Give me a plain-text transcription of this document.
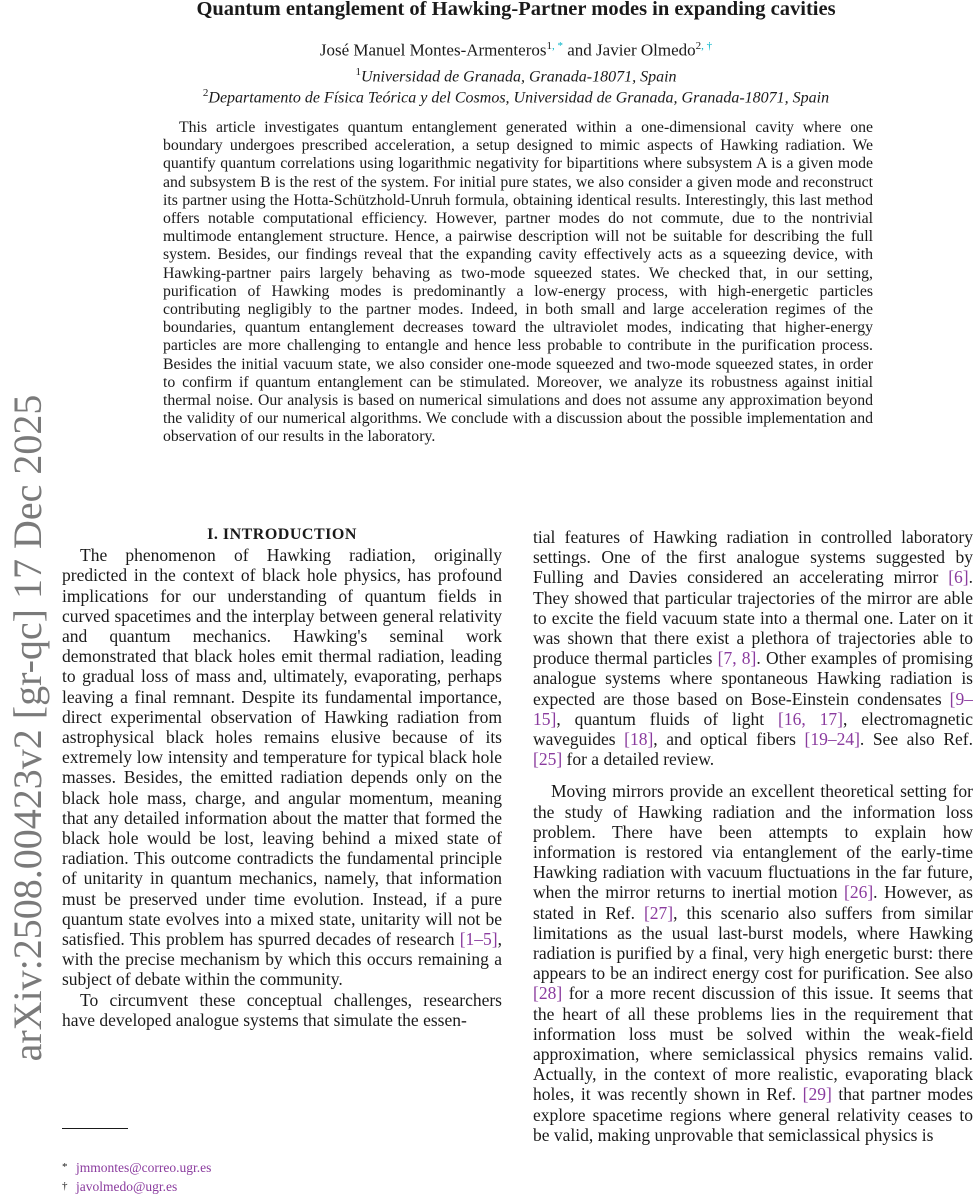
arXiv:2508.00423v2 [gr-qc] 17 Dec 2025
Quantum entanglement of Hawking-Partner modes in expanding cavities
José Manuel Montes-Armenteros$^{1, *}$ and Javier Olmedo$^{2, \dagger}$
$^1$Universidad de Granada, Granada-18071, Spain
$^2$Departamento de Física Teórica y del Cosmos, Universidad de Granada, Granada-18071, Spain

This article investigates quantum entanglement generated within a one-dimensional cavity where one boundary undergoes prescribed acceleration, a setup designed to mimic aspects of Hawking radiation. We quantify quantum correlations using logarithmic negativity for bipartitions where subsystem A is a given mode and subsystem B is the rest of the system. For initial pure states, we also consider a given mode and reconstruct its partner using the Hotta-Schützhold-Unruh formula, obtaining identical results. Interestingly, this last method offers notable computational efficiency. However, partner modes do not commute, due to the nontrivial multimode entanglement structure. Hence, a pairwise description will not be suitable for describing the full system. Besides, our findings reveal that the expanding cavity effectively acts as a squeezing device, with Hawking-partner pairs largely behaving as two-mode squeezed states. We checked that, in our setting, purification of Hawking modes is predominantly a low-energy process, with high-energetic particles contributing negligibly to the partner modes. Indeed, in both small and large acceleration regimes of the boundaries, quantum entanglement decreases toward the ultraviolet modes, indicating that higher-energy particles are more challenging to entangle and hence less probable to contribute in the purification process. Besides the initial vacuum state, we also consider one-mode squeezed and two-mode squeezed states, in order to confirm if quantum entanglement can be stimulated. Moreover, we analyze its robustness against initial thermal noise. Our analysis is based on numerical simulations and does not assume any approximation beyond the validity of our numerical algorithms. We conclude with a discussion about the possible implementation and observation of our results in the laboratory.

I. INTRODUCTION

The phenomenon of Hawking radiation, originally predicted in the context of black hole physics, has profound implications for our understanding of quantum fields in curved spacetimes and the interplay between general relativity and quantum mechanics. Hawking's seminal work demonstrated that black holes emit thermal radiation, leading to gradual loss of mass and, ultimately, evaporating, perhaps leaving a final remnant. Despite its fundamental importance, direct experimental observation of Hawking radiation from astrophysical black holes remains elusive because of its extremely low intensity and temperature for typical black hole masses. Besides, the emitted radiation depends only on the black hole mass, charge, and angular momentum, meaning that any detailed information about the matter that formed the black hole would be lost, leaving behind a mixed state of radiation. This outcome contradicts the fundamental principle of unitarity in quantum mechanics, namely, that information must be preserved under time evolution. Instead, if a pure quantum state evolves into a mixed state, unitarity will not be satisfied. This problem has spurred decades of research [1–5], with the precise mechanism by which this occurs remaining a subject of debate within the community.

To circumvent these conceptual challenges, researchers have developed analogue systems that simulate the essen-

tial features of Hawking radiation in controlled laboratory settings. One of the first analogue systems suggested by Fulling and Davies considered an accelerating mirror [6]. They showed that particular trajectories of the mirror are able to excite the field vacuum state into a thermal one. Later on it was shown that there exist a plethora of trajectories able to produce thermal particles [7, 8]. Other examples of promising analogue systems where spontaneous Hawking radiation is expected are those based on Bose-Einstein condensates [9–15], quantum fluids of light [16, 17], electromagnetic waveguides [18], and optical fibers [19–24]. See also Ref. [25] for a detailed review.

Moving mirrors provide an excellent theoretical setting for the study of Hawking radiation and the information loss problem. There have been attempts to explain how information is restored via entanglement of the early-time Hawking radiation with vacuum fluctuations in the far future, when the mirror returns to inertial motion [26]. However, as stated in Ref. [27], this scenario also suffers from similar limitations as the usual last-burst models, where Hawking radiation is purified by a final, very high energetic burst: there appears to be an indirect energy cost for purification. See also [28] for a more recent discussion of this issue. It seems that the heart of all these problems lies in the requirement that information loss must be solved within the weak-field approximation, where semiclassical physics remains valid. Actually, in the context of more realistic, evaporating black holes, it was recently shown in Ref. [29] that partner modes explore spacetime regions where general relativity ceases to be valid, making unprovable that semiclassical physics is

* jmmontes@correo.ugr.es
† javolmedo@ugr.es
